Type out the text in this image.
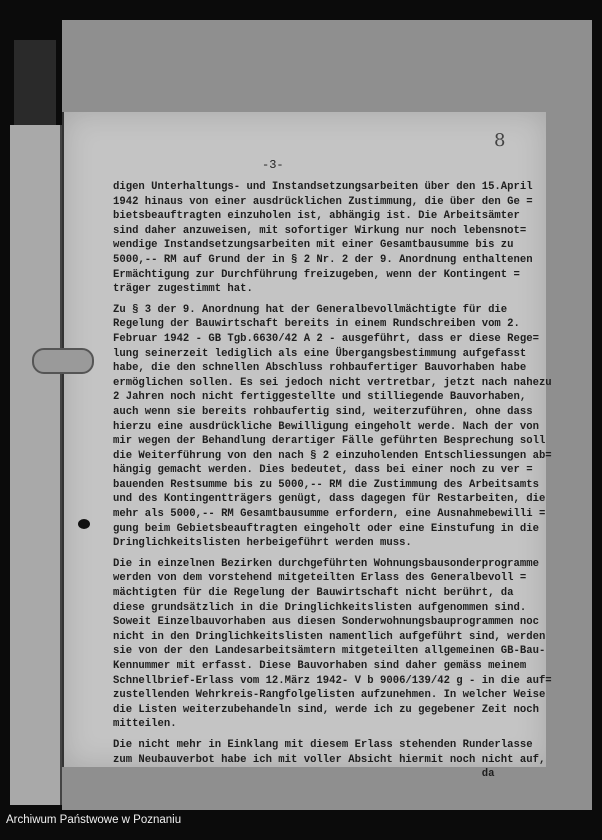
8
-3-
digen Unterhaltungs- und Instandsetzungsarbeiten über den 15.April
1942 hinaus von einer ausdrücklichen Zustimmung, die über den Ge =
bietsbeauftragten einzuholen ist, abhängig ist. Die Arbeitsämter
sind daher anzuweisen, mit sofortiger Wirkung nur noch lebensnot=
wendige Instandsetzungsarbeiten mit einer Gesamtbausumme bis zu
5000,-- RM auf Grund der in § 2 Nr. 2 der 9. Anordnung enthaltenen
Ermächtigung zur Durchführung freizugeben, wenn der Kontingent =
träger zugestimmt hat.
Zu § 3 der 9. Anordnung hat der Generalbevollmächtigte für die
Regelung der Bauwirtschaft bereits in einem Rundschreiben vom 2.
Februar 1942 - GB Tgb.6630/42 A 2 - ausgeführt, dass er diese Rege=
lung seinerzeit lediglich als eine Übergangsbestimmung aufgefasst
habe, die den schnellen Abschluss rohbaufertiger Bauvorhaben habe
ermöglichen sollen. Es sei jedoch nicht vertretbar, jetzt nach nahezu
2 Jahren noch nicht fertiggestellte und stilliegende Bauvorhaben,
auch wenn sie bereits rohbaufertig sind, weiterzuführen, ohne dass
hierzu eine ausdrückliche Bewilligung eingeholt werde. Nach der von
mir wegen der Behandlung derartiger Fälle geführten Besprechung soll
die Weiterführung von den nach § 2 einzuholenden Entschliessungen ab=
hängig gemacht werden. Dies bedeutet, dass bei einer noch zu ver =
bauenden Restsumme bis zu 5000,-- RM die Zustimmung des Arbeitsamts
und des Kontingentträgers genügt, dass dagegen für Restarbeiten, die
mehr als 5000,-- RM Gesamtbausumme erfordern, eine Ausnahmebewilli =
gung beim Gebietsbeauftragten eingeholt oder eine Einstufung in die
Dringlichkeitslisten herbeigeführt werden muss.
Die in einzelnen Bezirken durchgeführten Wohnungsbausonderprogramme
werden von dem vorstehend mitgeteilten Erlass des Generalbevoll =
mächtigten für die Regelung der Bauwirtschaft nicht berührt, da
diese grundsätzlich in die Dringlichkeitslisten aufgenommen sind.
Soweit Einzelbauvorhaben aus diesen Sonderwohnungsbauprogrammen noc
nicht in den Dringlichkeitslisten namentlich aufgeführt sind, werden
sie von der den Landesarbeitsämtern mitgeteilten allgemeinen GB-Bau-
Kennummer mit erfasst. Diese Bauvorhaben sind daher gemäss meinem
Schnellbrief-Erlass vom 12.März 1942- V b 9006/139/42 g - in die auf=
zustellenden Wehrkreis-Rangfolgelisten aufzunehmen. In welcher Weise
die Listen weiterzubehandeln sind, werde ich zu gegebener Zeit noch
mitteilen.
Die nicht mehr in Einklang mit diesem Erlass stehenden Runderlasse
zum Neubauverbot habe ich mit voller Absicht hiermit noch nicht auf,
da
Archiwum Państwowe w Poznaniu
